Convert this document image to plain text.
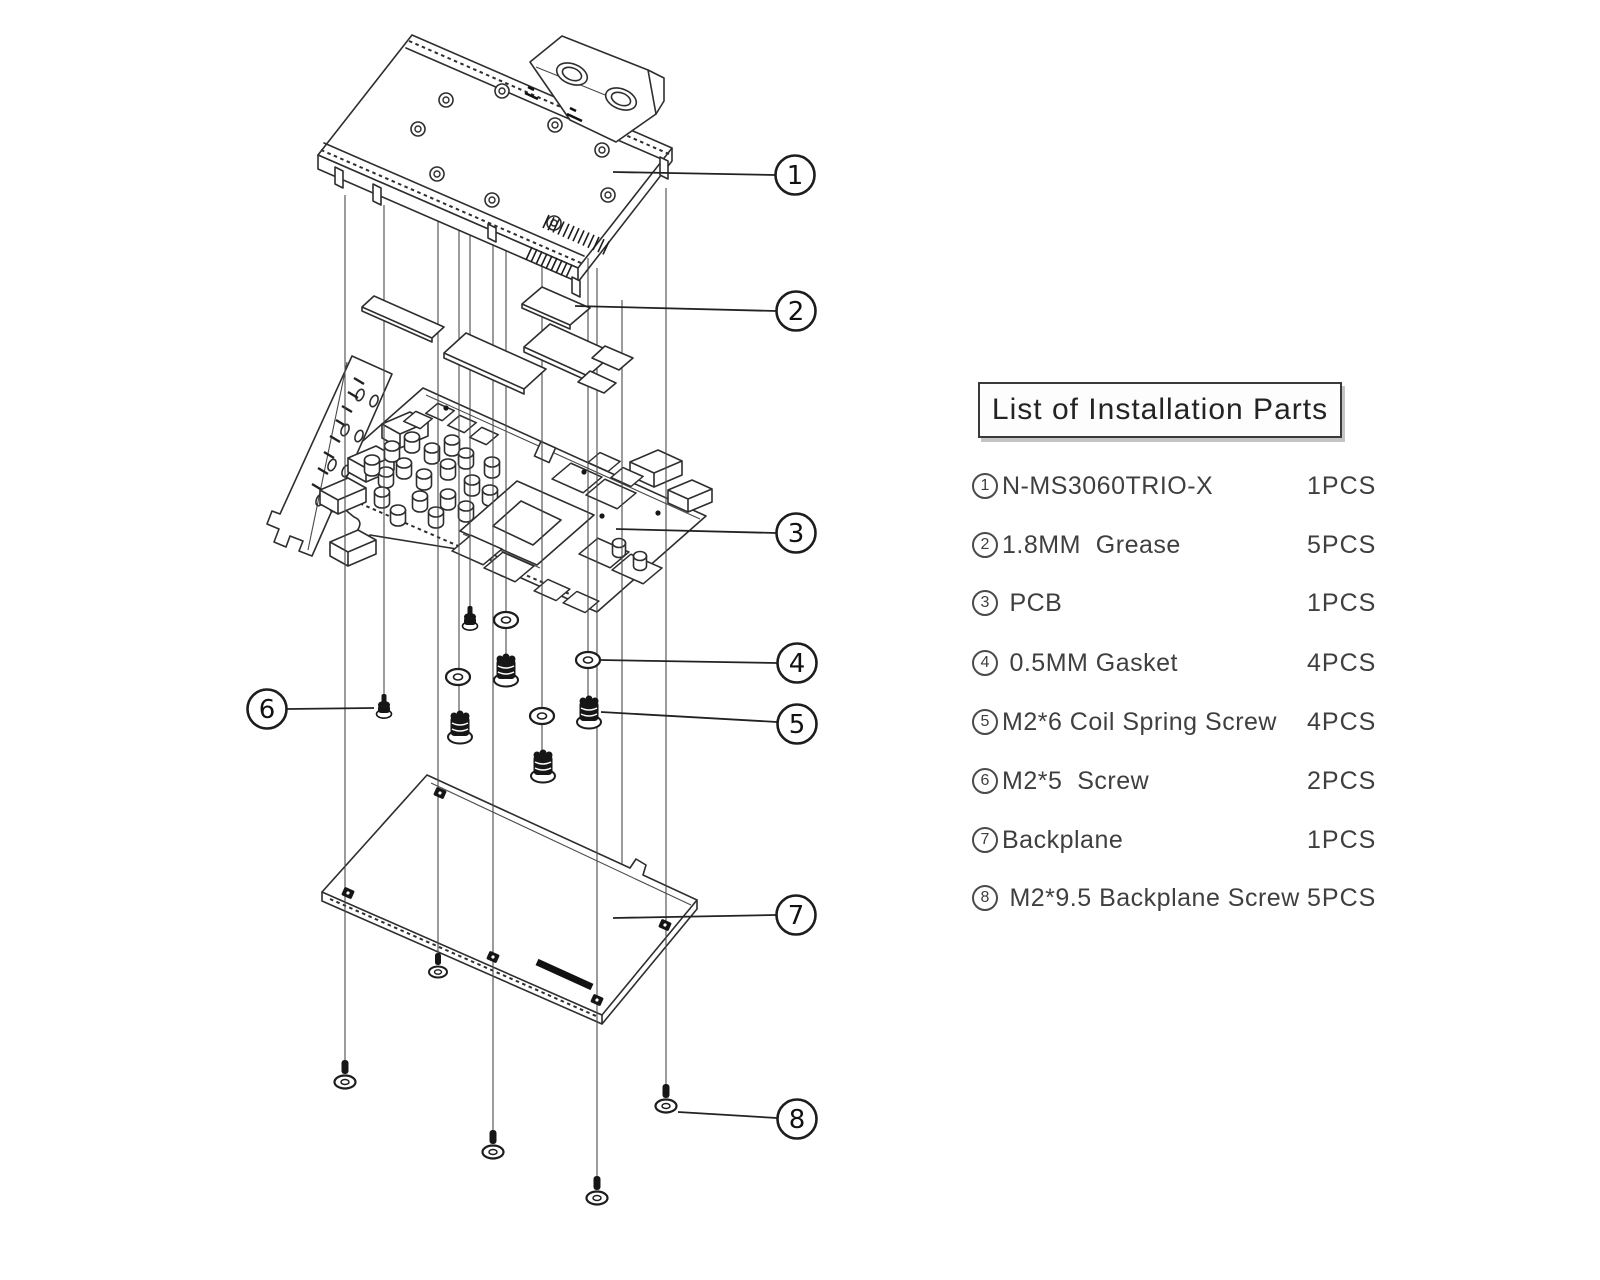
1
2
3
4
5
6
7
8
List of Installation Parts
1 N-MS3060TRIO-X	1PCS
2 1.8MM  Grease	5PCS
3 PCB	1PCS
4 0.5MM Gasket	4PCS
5 M2*6 Coil Spring Screw 4PCS
6 M2*5  Screw	2PCS
7 Backplane	1PCS
8 M2*9.5 Backplane Screw 5PCS
